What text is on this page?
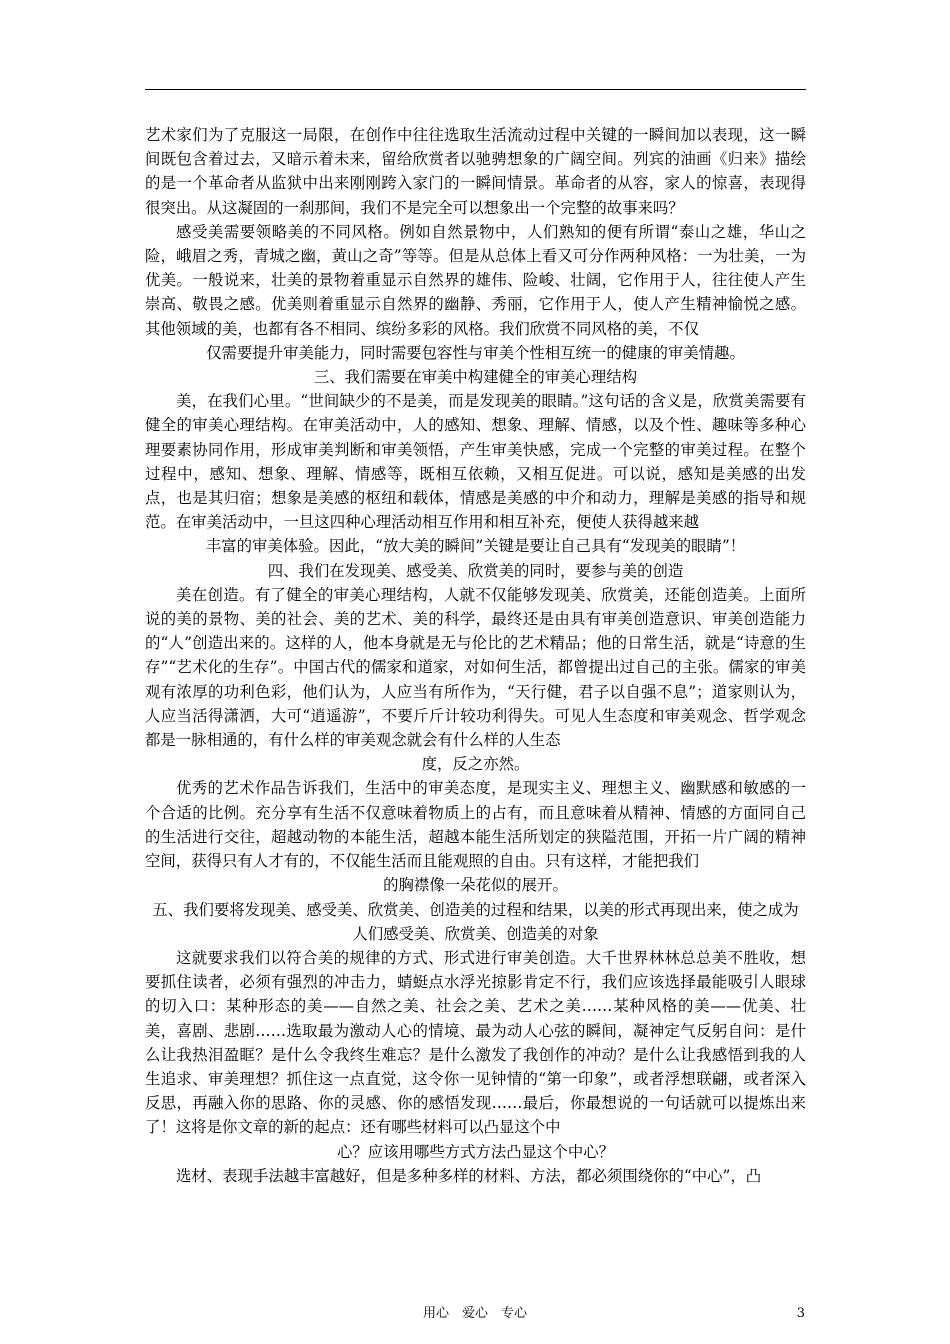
艺术家们为了克服这一局限，在创作中往往选取生活流动过程中关键的一瞬间加以表现，这一瞬间既包含着过去，又暗示着未来，留给欣赏者以驰骋想象的广阔空间。列宾的油画《归来》描绘的是一个革命者从监狱中出来刚刚跨入家门的一瞬间情景。革命者的从容，家人的惊喜，表现得很突出。从这凝固的一刹那间，我们不是完全可以想象出一个完整的故事来吗？

感受美需要领略美的不同风格。例如自然景物中，人们熟知的便有所谓“泰山之雄，华山之险，峨眉之秀，青城之幽，黄山之奇”等等。但是从总体上看又可分作两种风格：一为壮美，一为优美。一般说来，壮美的景物着重显示自然界的雄伟、险峻、壮阔，它作用于人，往往使人产生崇高、敬畏之感。优美则着重显示自然界的幽静、秀丽，它作用于人，使人产生精神愉悦之感。其他领域的美，也都有各不相同、缤纷多彩的风格。我们欣赏不同风格的美，不仅

仅需要提升审美能力，同时需要包容性与审美个性相互统一的健康的审美情趣。

三、我们需要在审美中构建健全的审美心理结构

美，在我们心里。“世间缺少的不是美，而是发现美的眼睛。”这句话的含义是，欣赏美需要有健全的审美心理结构。在审美活动中，人的感知、想象、理解、情感，以及个性、趣味等多种心理要素协同作用，形成审美判断和审美领悟，产生审美快感，完成一个完整的审美过程。在整个过程中，感知、想象、理解、情感等，既相互依赖，又相互促进。可以说，感知是美感的出发点，也是其归宿；想象是美感的枢纽和载体，情感是美感的中介和动力，理解是美感的指导和规范。在审美活动中，一旦这四种心理活动相互作用和相互补充，便使人获得越来越

丰富的审美体验。因此，“放大美的瞬间”关键是要让自己具有“发现美的眼睛”！

四、我们在发现美、感受美、欣赏美的同时，要参与美的创造

美在创造。有了健全的审美心理结构，人就不仅能够发现美、欣赏美，还能创造美。上面所说的美的景物、美的社会、美的艺术、美的科学，最终还是由具有审美创造意识、审美创造能力的“人”创造出来的。这样的人，他本身就是无与伦比的艺术精品；他的日常生活，就是“诗意的生存”“艺术化的生存”。中国古代的儒家和道家，对如何生活，都曾提出过自己的主张。儒家的审美观有浓厚的功利色彩，他们认为，人应当有所作为，“天行健，君子以自强不息”；道家则认为，人应当活得潇洒，大可“逍遥游”，不要斤斤计较功利得失。可见人生态度和审美观念、哲学观念都是一脉相通的，有什么样的审美观念就会有什么样的人生态

度，反之亦然。

优秀的艺术作品告诉我们，生活中的审美态度，是现实主义、理想主义、幽默感和敏感的一个合适的比例。充分享有生活不仅意味着物质上的占有，而且意味着从精神、情感的方面同自己的生活进行交往，超越动物的本能生活，超越本能生活所划定的狭隘范围，开拓一片广阔的精神空间，获得只有人才有的，不仅能生活而且能观照的自由。只有这样，才能把我们

的胸襟像一朵花似的展开。

五、我们要将发现美、感受美、欣赏美、创造美的过程和结果，以美的形式再现出来，使之成为人们感受美、欣赏美、创造美的对象

这就要求我们以符合美的规律的方式、形式进行审美创造。大千世界林林总总美不胜收，想要抓住读者，必须有强烈的冲击力，蜻蜓点水浮光掠影肯定不行，我们应该选择最能吸引人眼球的切入口：某种形态的美——自然之美、社会之美、艺术之美……某种风格的美——优美、壮美，喜剧、悲剧……选取最为激动人心的情境、最为动人心弦的瞬间，凝神定气反躬自问：是什么让我热泪盈眶？是什么令我终生难忘？是什么激发了我创作的冲动？是什么让我感悟到我的人生追求、审美理想？抓住这一点直觉，这令你一见钟情的“第一印象”，或者浮想联翩，或者深入反思，再融入你的思路、你的灵感、你的感悟发现……最后，你最想说的一句话就可以提炼出来了！这将是你文章的新的起点：还有哪些材料可以凸显这个中

心？应该用哪些方式方法凸显这个中心？

选材、表现手法越丰富越好，但是多种多样的材料、方法，都必须围绕你的“中心”，凸

用心　爱心　专心	3
